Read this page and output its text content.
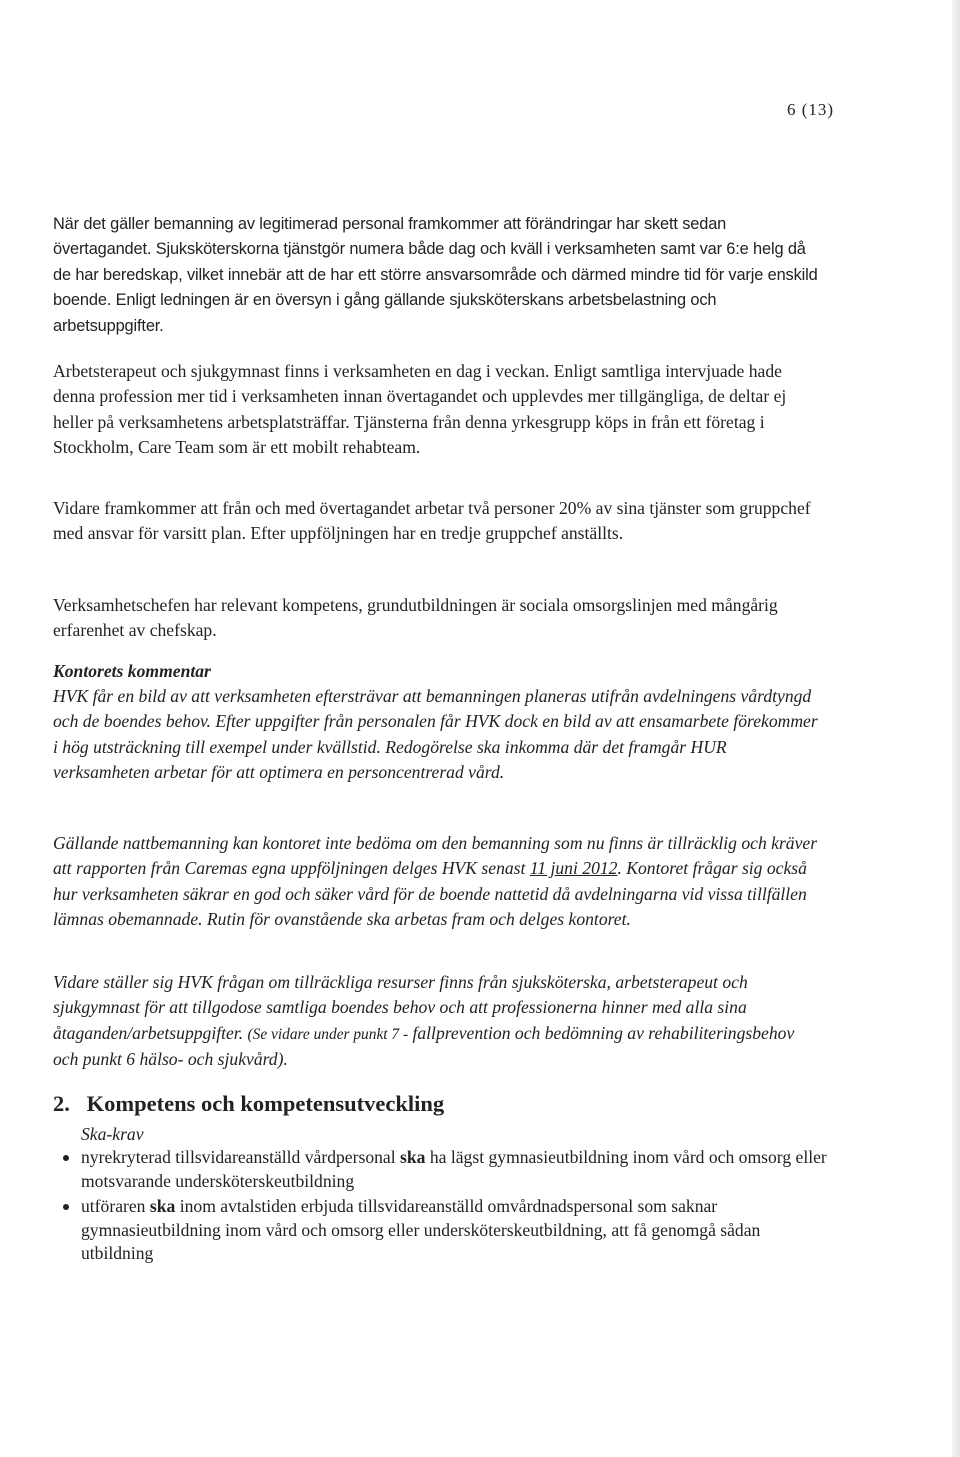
6 (13)

När det gäller bemanning av legitimerad personal framkommer att förändringar har skett sedan övertagandet. Sjuksköterskorna tjänstgör numera både dag och kväll i verksamheten samt var 6:e helg då de har beredskap, vilket innebär att de har ett större ansvarsområde och därmed mindre tid för varje enskild boende. Enligt ledningen är en översyn i gång gällande sjuksköterskans arbetsbelastning och arbetsuppgifter.

Arbetsterapeut och sjukgymnast finns i verksamheten en dag i veckan. Enligt samtliga intervjuade hade denna profession mer tid i verksamheten innan övertagandet och upplevdes mer tillgängliga, de deltar ej heller på verksamhetens arbetsplatsträffar. Tjänsterna från denna yrkesgrupp köps in från ett företag i Stockholm, Care Team som är ett mobilt rehabteam.

Vidare framkommer att från och med övertagandet arbetar två personer 20% av sina tjänster som gruppchef med ansvar för varsitt plan. Efter uppföljningen har en tredje gruppchef anställts.

Verksamhetschefen har relevant kompetens, grundutbildningen är sociala omsorgslinjen med mångårig erfarenhet av chefskap.

Kontorets kommentar

HVK får en bild av att verksamheten eftersträvar att bemanningen planeras utifrån avdelningens vårdtyngd och de boendes behov. Efter uppgifter från personalen får HVK dock en bild av att ensamarbete förekommer i hög utsträckning till exempel under kvällstid. Redogörelse ska inkomma där det framgår HUR verksamheten arbetar för att optimera en personcentrerad vård.

Gällande nattbemanning kan kontoret inte bedöma om den bemanning som nu finns är tillräcklig och kräver att rapporten från Caremas egna uppföljningen delges HVK senast 11 juni 2012. Kontoret frågar sig också hur verksamheten säkrar en god och säker vård för de boende nattetid då avdelningarna vid vissa tillfällen lämnas obemannade. Rutin för ovanstående ska arbetas fram och delges kontoret.

Vidare ställer sig HVK frågan om tillräckliga resurser finns från sjuksköterska, arbetsterapeut och sjukgymnast för att tillgodose samtliga boendes behov och att professionerna hinner med alla sina åtaganden/arbetsuppgifter. (Se vidare under punkt 7 - fallprevention och bedömning av rehabiliteringsbehov och punkt 6 hälso- och sjukvård).

2. Kompetens och kompetensutveckling

Ska-krav

nyrekryterad tillsvidareanställd vårdpersonal ska ha lägst gymnasieutbildning inom vård och omsorg eller motsvarande undersköterskeutbildning
utföraren ska inom avtalstiden erbjuda tillsvidareanställd omvårdnadspersonal som saknar gymnasieutbildning inom vård och omsorg eller undersköterskeutbildning, att få genomgå sådan utbildning
